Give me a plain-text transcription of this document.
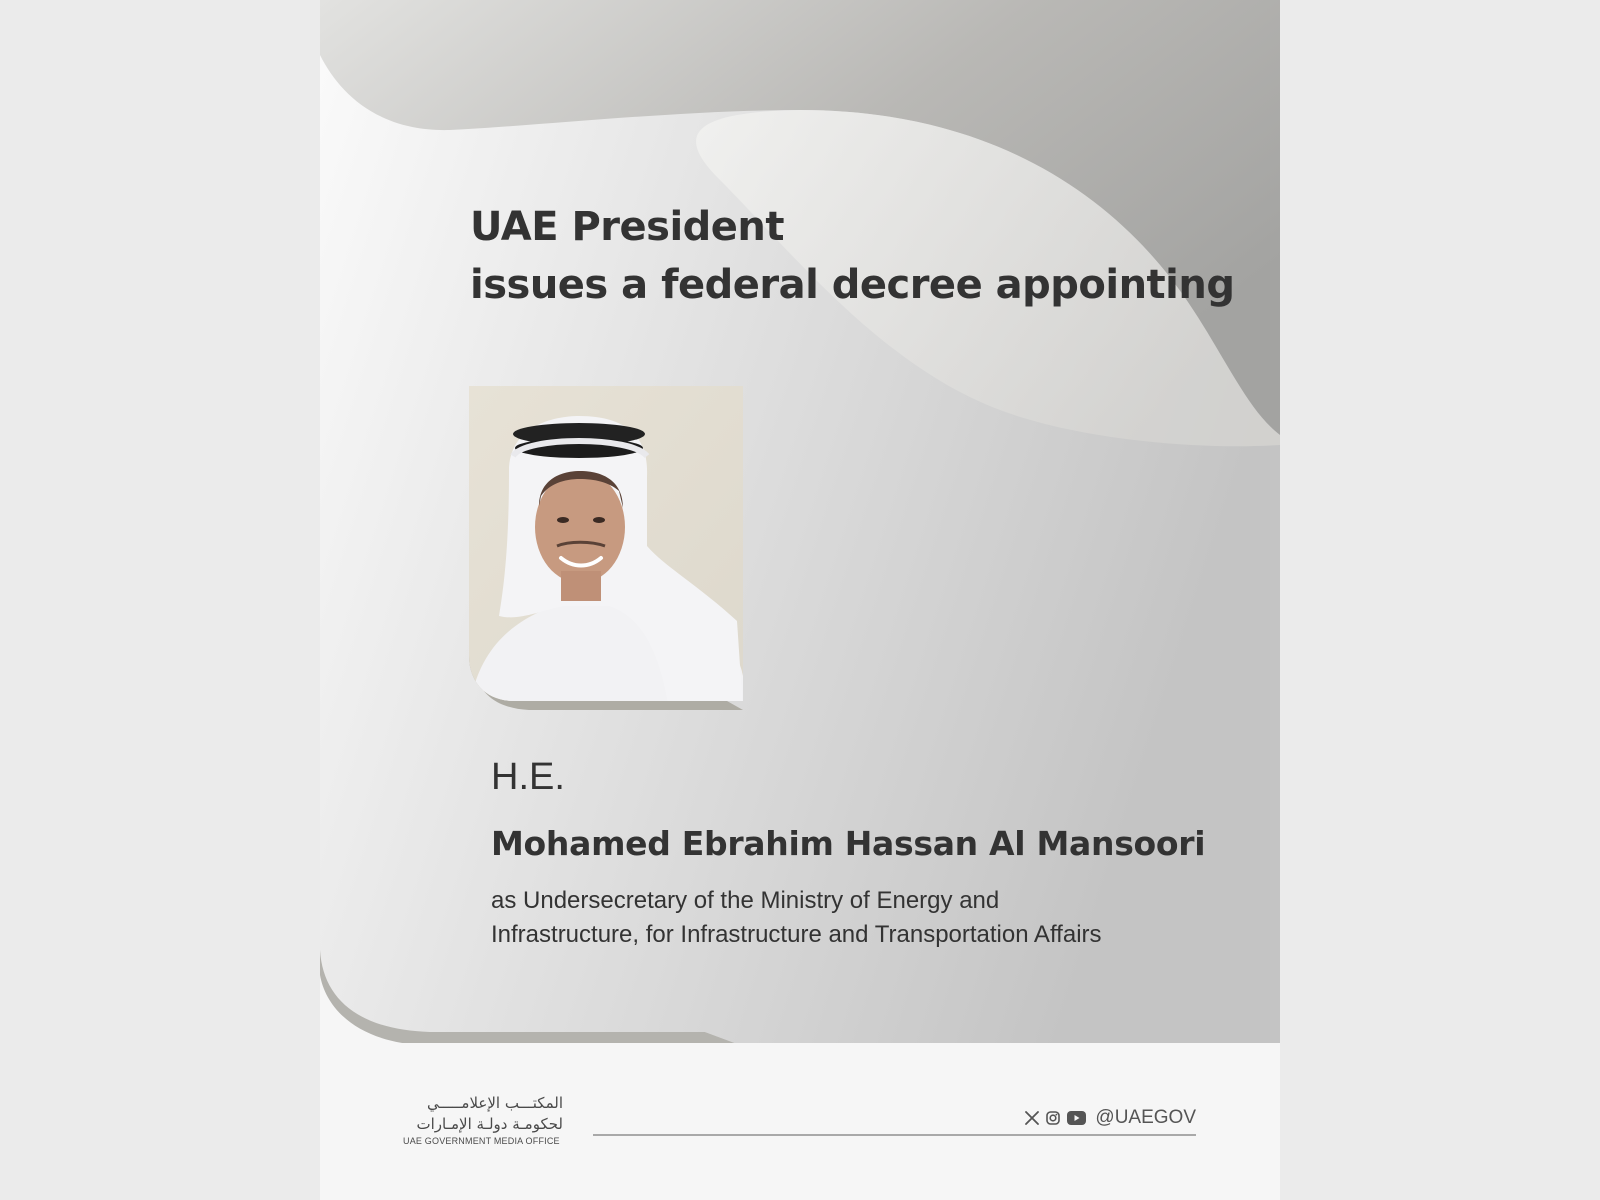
UAE President
issues a federal decree appointing
H.E.
Mohamed Ebrahim Hassan Al Mansoori
as Undersecretary of the Ministry of Energy and
Infrastructure, for Infrastructure and Transportation Affairs
المكتـــب الإعلامـــــي
لحكومـة دولـة الإمـارات
UAE GOVERNMENT MEDIA OFFICE
@UAEGOV
